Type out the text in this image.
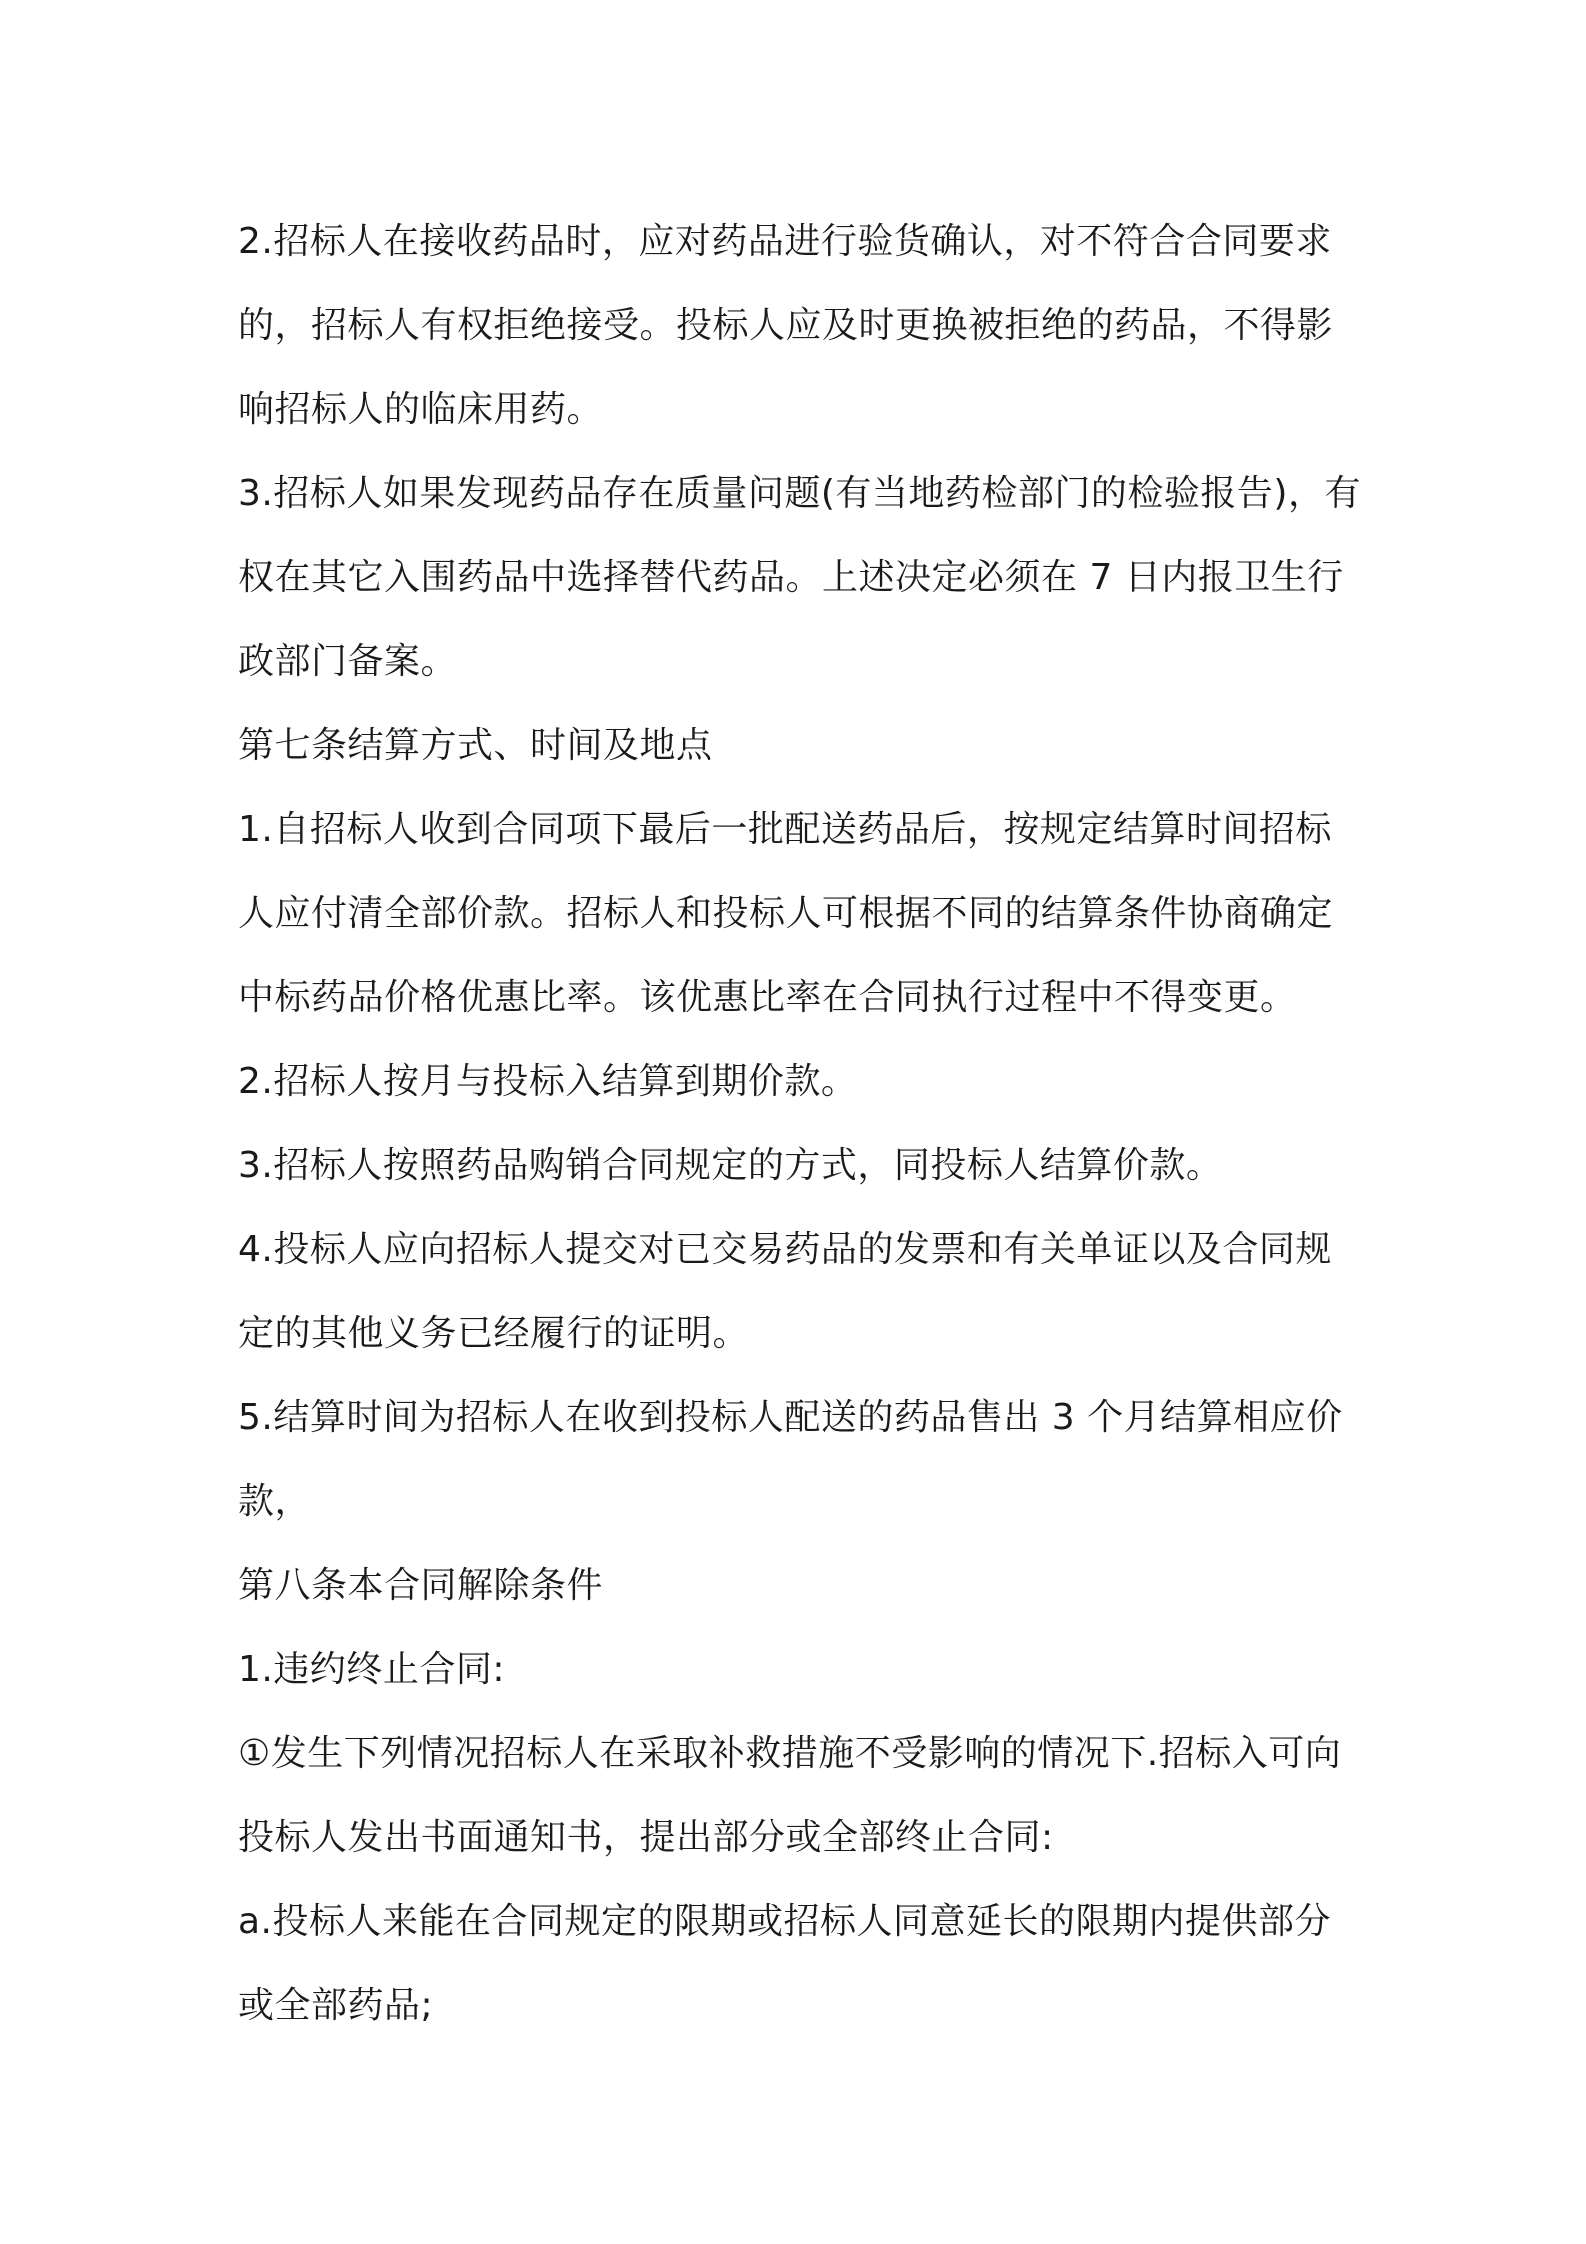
2.招标人在接收药品时，应对药品进行验货确认，对不符合合同要求的，招标人有权拒绝接受。投标人应及时更换被拒绝的药品，不得影响招标人的临床用药。

3.招标人如果发现药品存在质量问题(有当地药检部门的检验报告)，有权在其它入围药品中选择替代药品。上述决定必须在 7 日内报卫生行政部门备案。

第七条结算方式、时间及地点

1.自招标人收到合同项下最后一批配送药品后，按规定结算时间招标人应付清全部价款。招标人和投标人可根据不同的结算条件协商确定中标药品价格优惠比率。该优惠比率在合同执行过程中不得变更。

2.招标人按月与投标入结算到期价款。

3.招标人按照药品购销合同规定的方式，同投标人结算价款。

4.投标人应向招标人提交对已交易药品的发票和有关单证以及合同规定的其他义务已经履行的证明。

5.结算时间为招标人在收到投标人配送的药品售出 3 个月结算相应价款，

第八条本合同解除条件

1.违约终止合同:

①发生下列情况招标人在采取补救措施不受影响的情况下.招标入可向投标人发出书面通知书，提出部分或全部终止合同:

a.投标人来能在合同规定的限期或招标人同意延长的限期内提供部分或全部药品;
